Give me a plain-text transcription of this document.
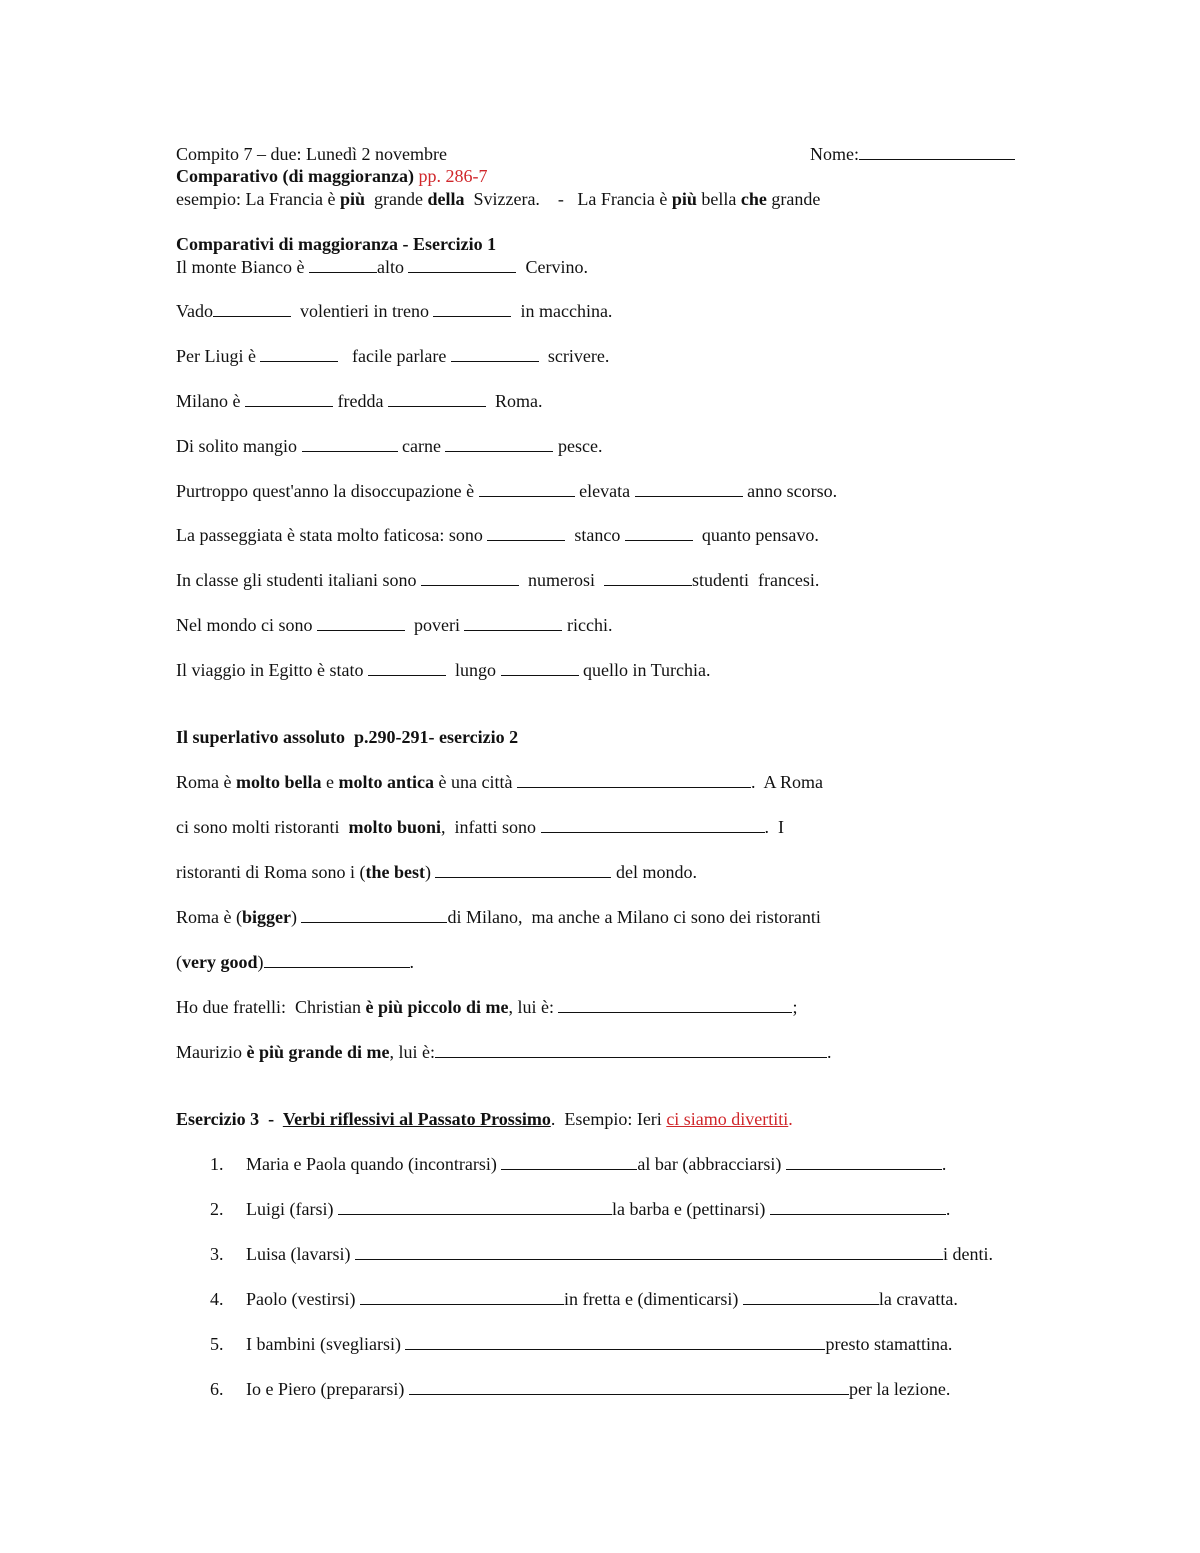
Compito 7 – due: Lunedì 2 novembre	Nome:
Comparativo (di maggioranza) pp. 286-7
esempio: La Francia è più  grande della  Svizzera.    -   La Francia è più bella che grande
Comparativi di maggioranza - Esercizio 1
Il monte Bianco è	alto	Cervino.
Vado	volentieri in treno	in macchina.
Per Liugi è	facile parlare	scrivere.
Milano è	fredda	Roma.
Di solito mangio	carne	pesce.
Purtroppo quest'anno la disoccupazione è	elevata	anno scorso.
La passeggiata è stata molto faticosa: sono	stanco	quanto pensavo.
In classe gli studenti italiani sono	numerosi	studenti  francesi.
Nel mondo ci sono	poveri	ricchi.
Il viaggio in Egitto è stato	lungo	quello in Turchia.
Il superlativo assoluto  p.290-291- esercizio 2
Roma è molto bella e molto antica è una città	.  A Roma
ci sono molti ristoranti  molto buoni,  infatti sono	.  I
ristoranti di Roma sono i (the best)	del mondo.
Roma è (bigger)	di Milano,  ma anche a Milano ci sono dei ristoranti
(very good)	.
Ho due fratelli:  Christian è più piccolo di me, lui è:	;
Maurizio è più grande di me, lui è:	.
Esercizio 3  -  Verbi riflessivi al Passato Prossimo.  Esempio: Ieri ci siamo divertiti.
1. Maria e Paola quando (incontrarsi)	al bar (abbracciarsi)	.
2. Luigi (farsi)	la barba e (pettinarsi)	.
3. Luisa (lavarsi)	i denti.
4. Paolo (vestirsi)	in fretta e (dimenticarsi)	la cravatta.
5. I bambini (svegliarsi)	presto stamattina.
6. Io e Piero (prepararsi)	per la lezione.
